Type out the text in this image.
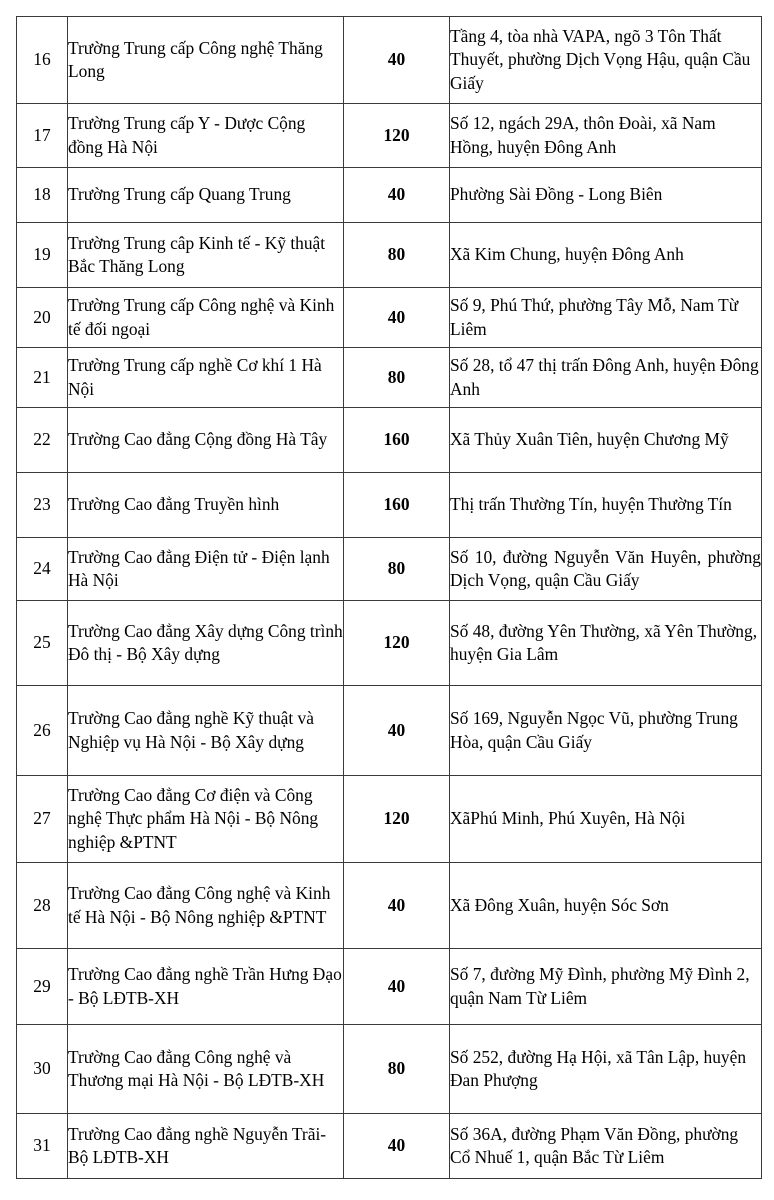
16	Trường Trung cấp Công nghệ Thăng Long	40	Tầng 4, tòa nhà VAPA, ngõ 3 Tôn Thất Thuyết, phường Dịch Vọng Hậu, quận Cầu Giấy
17	Trường Trung cấp Y - Dược Cộng đồng Hà Nội	120	Số 12, ngách 29A, thôn Đoài, xã Nam Hồng, huyện Đông Anh
18	Trường Trung cấp Quang Trung	40	Phường Sài Đồng - Long Biên
19	Trường Trung câp Kinh tế - Kỹ thuật Bắc Thăng Long	80	Xã Kim Chung, huyện Đông Anh
20	Trường Trung cấp Công nghệ và Kinh tế đối ngoại	40	Số 9, Phú Thứ, phường Tây Mỗ, Nam Từ Liêm
21	Trường Trung cấp nghề Cơ khí 1 Hà Nội	80	Số 28, tổ 47 thị trấn Đông Anh, huyện Đông Anh
22	Trường Cao đẳng Cộng đồng Hà Tây	160	Xã Thủy Xuân Tiên, huyện Chương Mỹ
23	Trường Cao đẳng Truyền hình	160	Thị trấn Thường Tín, huyện Thường Tín
24	Trường Cao đẳng Điện tử - Điện lạnh Hà Nội	80	Số 10, đường Nguyễn Văn Huyên, phường Dịch Vọng, quận Cầu Giấy
25	Trường Cao đẳng Xây dựng Công trình Đô thị - Bộ Xây dựng	120	Số 48, đường Yên Thường, xã Yên Thường, huyện Gia Lâm
26	Trường Cao đẳng nghề Kỹ thuật và Nghiệp vụ Hà Nội - Bộ Xây dựng	40	Số 169, Nguyễn Ngọc Vũ, phường Trung Hòa, quận Cầu Giấy
27	Trường Cao đẳng Cơ điện và Công nghệ Thực phẩm Hà Nội - Bộ Nông nghiệp &PTNT	120	XãPhú Minh, Phú Xuyên, Hà Nội
28	Trường Cao đẳng Công nghệ và Kinh tế Hà Nội - Bộ Nông nghiệp &PTNT	40	Xã Đông Xuân, huyện Sóc Sơn
29	Trường Cao đẳng nghề Trần Hưng Đạo - Bộ LĐTB-XH	40	Số 7, đường Mỹ Đình, phường Mỹ Đình 2, quận Nam Từ Liêm
30	Trường Cao đẳng Công nghệ và Thương mại Hà Nội - Bộ LĐTB-XH	80	Số 252, đường Hạ Hội, xã Tân Lập, huyện Đan Phượng
31	Trường Cao đẳng nghề Nguyễn Trãi- Bộ LĐTB-XH	40	Số 36A, đường Phạm Văn Đồng, phường Cổ Nhuế 1, quận Bắc Từ Liêm
